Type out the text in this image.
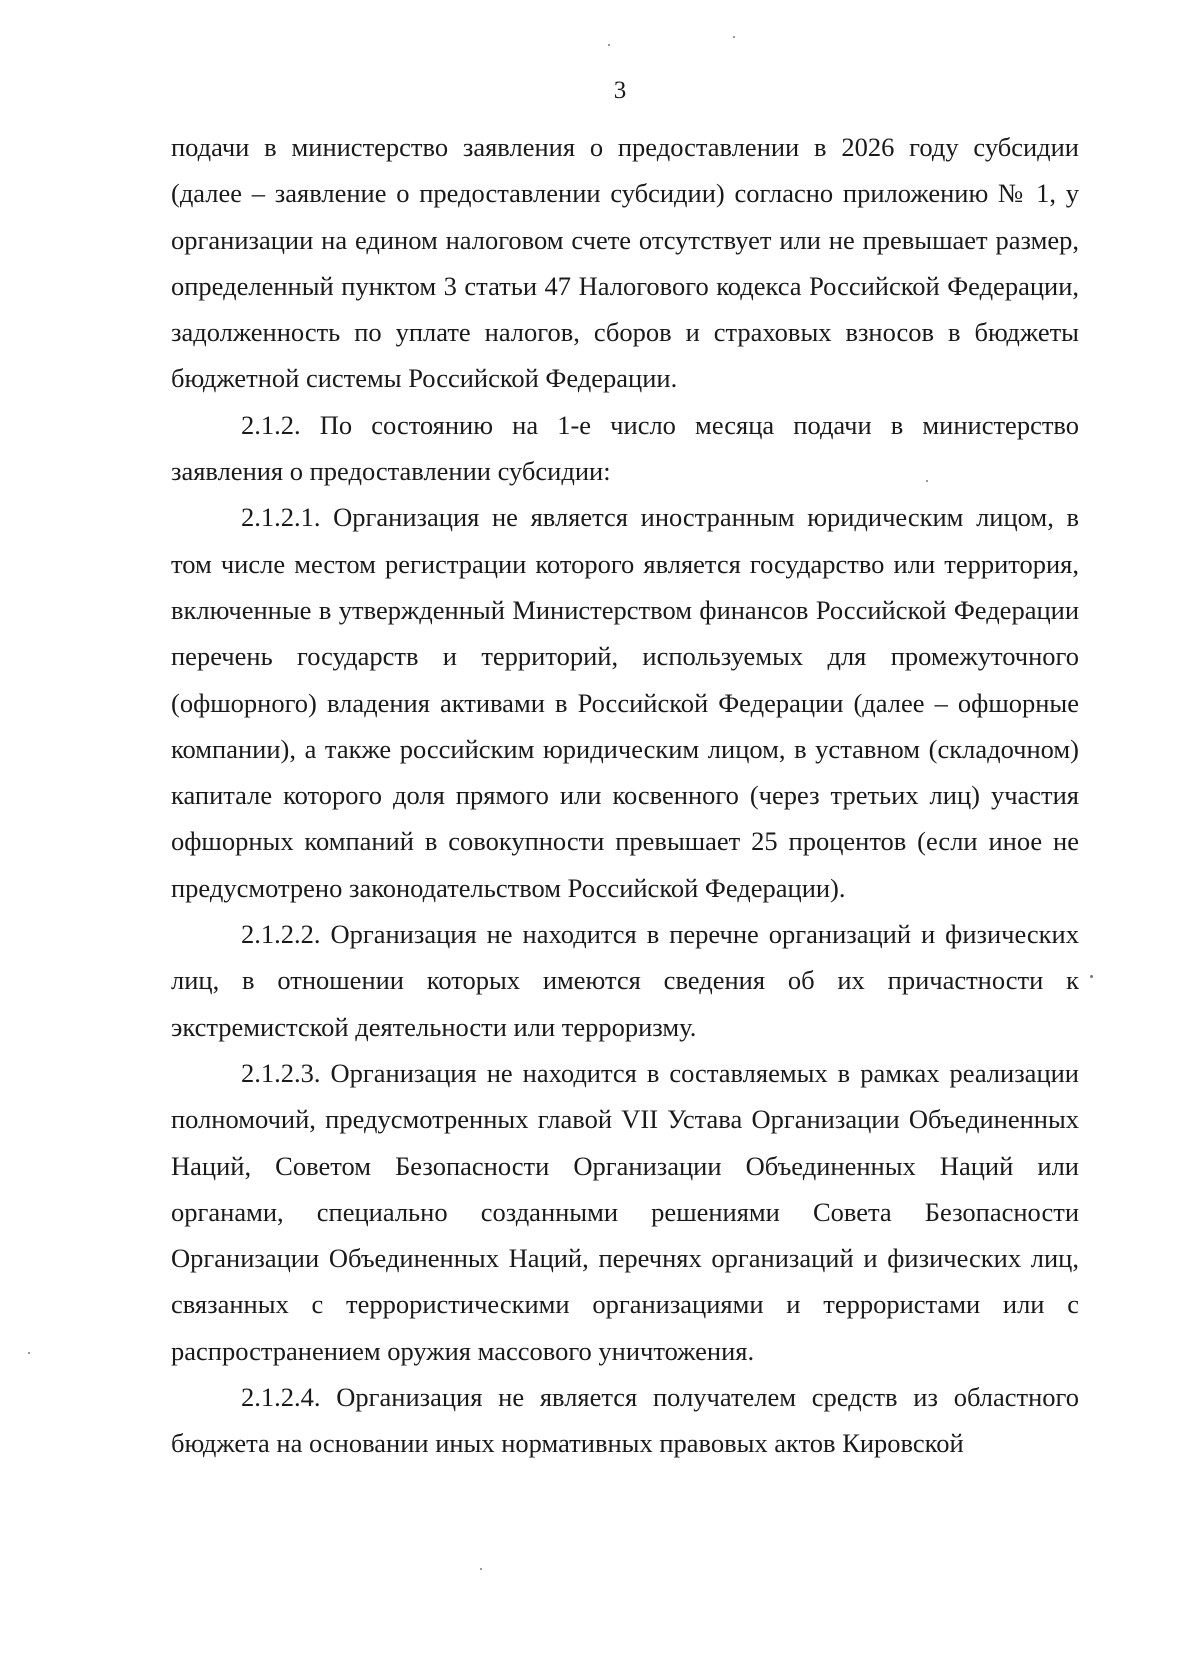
3

подачи в министерство заявления о предоставлении в 2026 году субсидии (далее – заявление о предоставлении субсидии) согласно приложению № 1, у организации на едином налоговом счете отсутствует или не превышает размер, определенный пунктом 3 статьи 47 Налогового кодекса Российской Федерации, задолженность по уплате налогов, сборов и страховых взносов в бюджеты бюджетной системы Российской Федерации.

2.1.2. По состоянию на 1-е число месяца подачи в министерство заявления о предоставлении субсидии:

2.1.2.1. Организация не является иностранным юридическим лицом, в том числе местом регистрации которого является государство или территория, включенные в утвержденный Министерством финансов Российской Федерации перечень государств и территорий, используемых для промежуточного (офшорного) владения активами в Российской Федерации (далее – офшорные компании), а также российским юридическим лицом, в уставном (складочном) капитале которого доля прямого или косвенного (через третьих лиц) участия офшорных компаний в совокупности превышает 25 процентов (если иное не предусмотрено законодательством Российской Федерации).

2.1.2.2. Организация не находится в перечне организаций и физических лиц, в отношении которых имеются сведения об их причастности к экстремистской деятельности или терроризму.

2.1.2.3. Организация не находится в составляемых в рамках реализации полномочий, предусмотренных главой VII Устава Организации Объединенных Наций, Советом Безопасности Организации Объединенных Наций или органами, специально созданными решениями Совета Безопасности Организации Объединенных Наций, перечнях организаций и физических лиц, связанных с террористическими организациями и террористами или с распространением оружия массового уничтожения.

2.1.2.4. Организация не является получателем средств из областного бюджета на основании иных нормативных правовых актов Кировской
